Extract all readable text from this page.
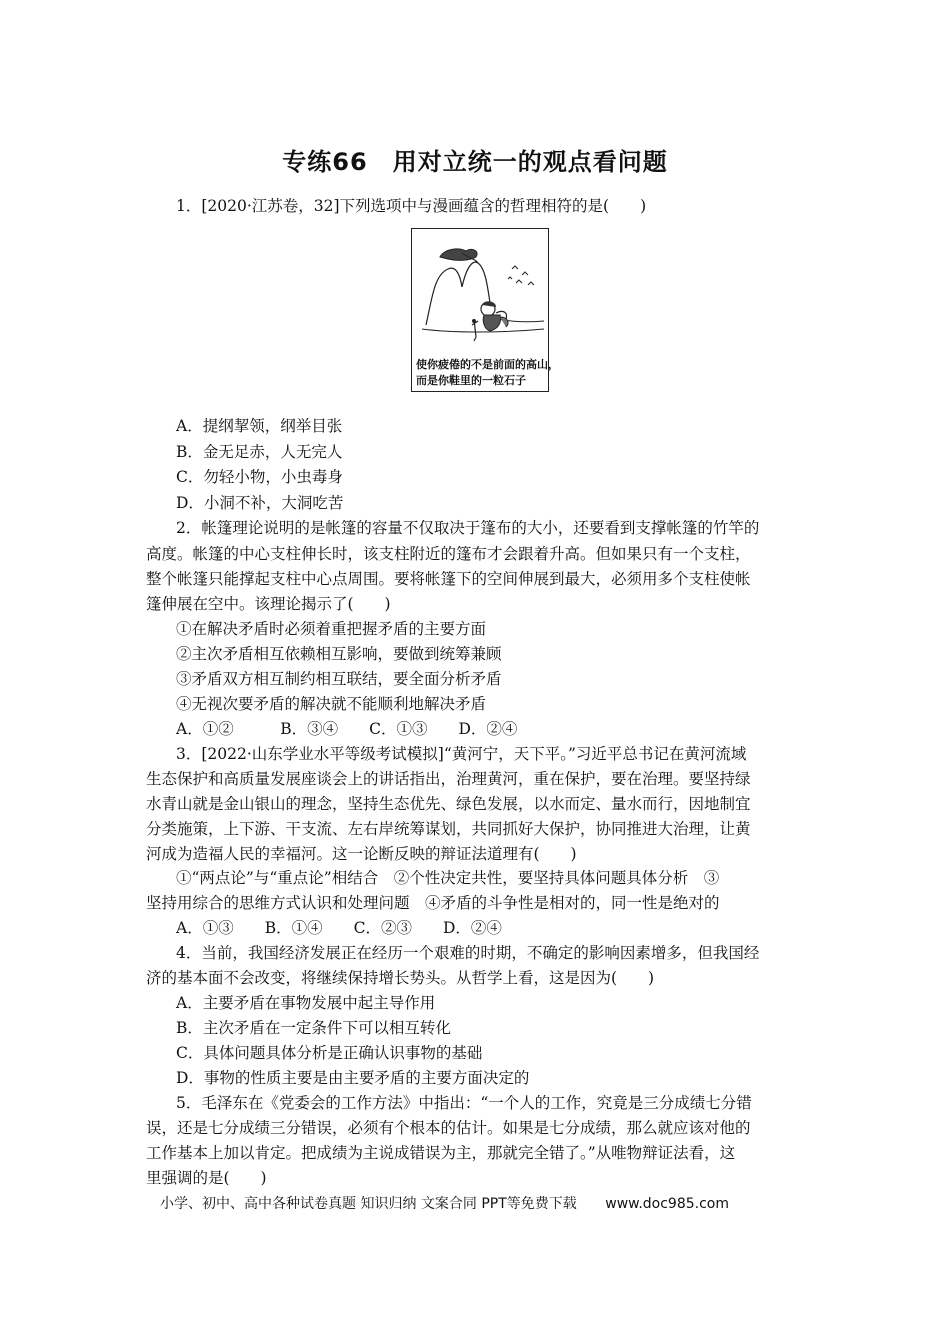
专练66　用对立统一的观点看问题
1．[2020·江苏卷，32]下列选项中与漫画蕴含的哲理相符的是(　　)
使你疲倦的不是前面的高山，
而是你鞋里的一粒石子
A．提纲挈领，纲举目张
B．金无足赤，人无完人
C．勿轻小物，小虫毒身
D．小洞不补，大洞吃苦
2．帐篷理论说明的是帐篷的容量不仅取决于篷布的大小，还要看到支撑帐篷的竹竿的
高度。帐篷的中心支柱伸长时，该支柱附近的篷布才会跟着升高。但如果只有一个支柱，
整个帐篷只能撑起支柱中心点周围。要将帐篷下的空间伸展到最大，必须用多个支柱使帐
篷伸展在空中。该理论揭示了(　　)
①在解决矛盾时必须着重把握矛盾的主要方面
②主次矛盾相互依赖相互影响，要做到统筹兼顾
③矛盾双方相互制约相互联结，要全面分析矛盾
④无视次要矛盾的解决就不能顺利地解决矛盾
A．①②　　　B．③④　　C．①③　　D．②④
3．[2022·山东学业水平等级考试模拟]“黄河宁，天下平。”习近平总书记在黄河流域
生态保护和高质量发展座谈会上的讲话指出，治理黄河，重在保护，要在治理。要坚持绿
水青山就是金山银山的理念，坚持生态优先、绿色发展，以水而定、量水而行，因地制宜
分类施策，上下游、干支流、左右岸统筹谋划，共同抓好大保护，协同推进大治理，让黄
河成为造福人民的幸福河。这一论断反映的辩证法道理有(　　)
①“两点论”与“重点论”相结合　②个性决定共性，要坚持具体问题具体分析　③
坚持用综合的思维方式认识和处理问题　④矛盾的斗争性是相对的，同一性是绝对的
A．①③　　B．①④　　C．②③　　D．②④
4．当前，我国经济发展正在经历一个艰难的时期，不确定的影响因素增多，但我国经
济的基本面不会改变，将继续保持增长势头。从哲学上看，这是因为(　　)
A．主要矛盾在事物发展中起主导作用
B．主次矛盾在一定条件下可以相互转化
C．具体问题具体分析是正确认识事物的基础
D．事物的性质主要是由主要矛盾的主要方面决定的
5．毛泽东在《党委会的工作方法》中指出：“一个人的工作，究竟是三分成绩七分错
误，还是七分成绩三分错误，必须有个根本的估计。如果是七分成绩，那么就应该对他的
工作基本上加以肯定。把成绩为主说成错误为主，那就完全错了。”从唯物辩证法看，这
里强调的是(　　)
小学、初中、高中各种试卷真题 知识归纳 文案合同 PPT等免费下载 www.doc985.com
